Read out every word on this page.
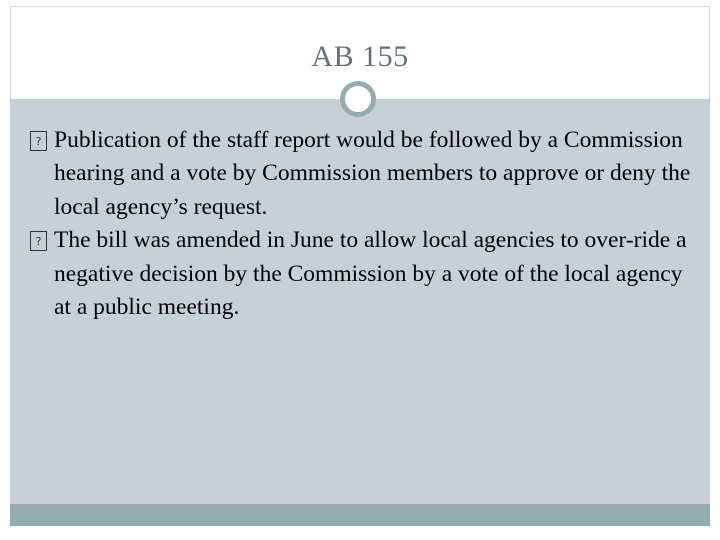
AB 155
? Publication of the staff report would be followed by a Commission hearing and a vote by Commission members to approve or deny the local agency’s request.
? The bill was amended in June to allow local agencies to over-ride a negative decision by the Commission by a vote of the local agency at a public meeting.
